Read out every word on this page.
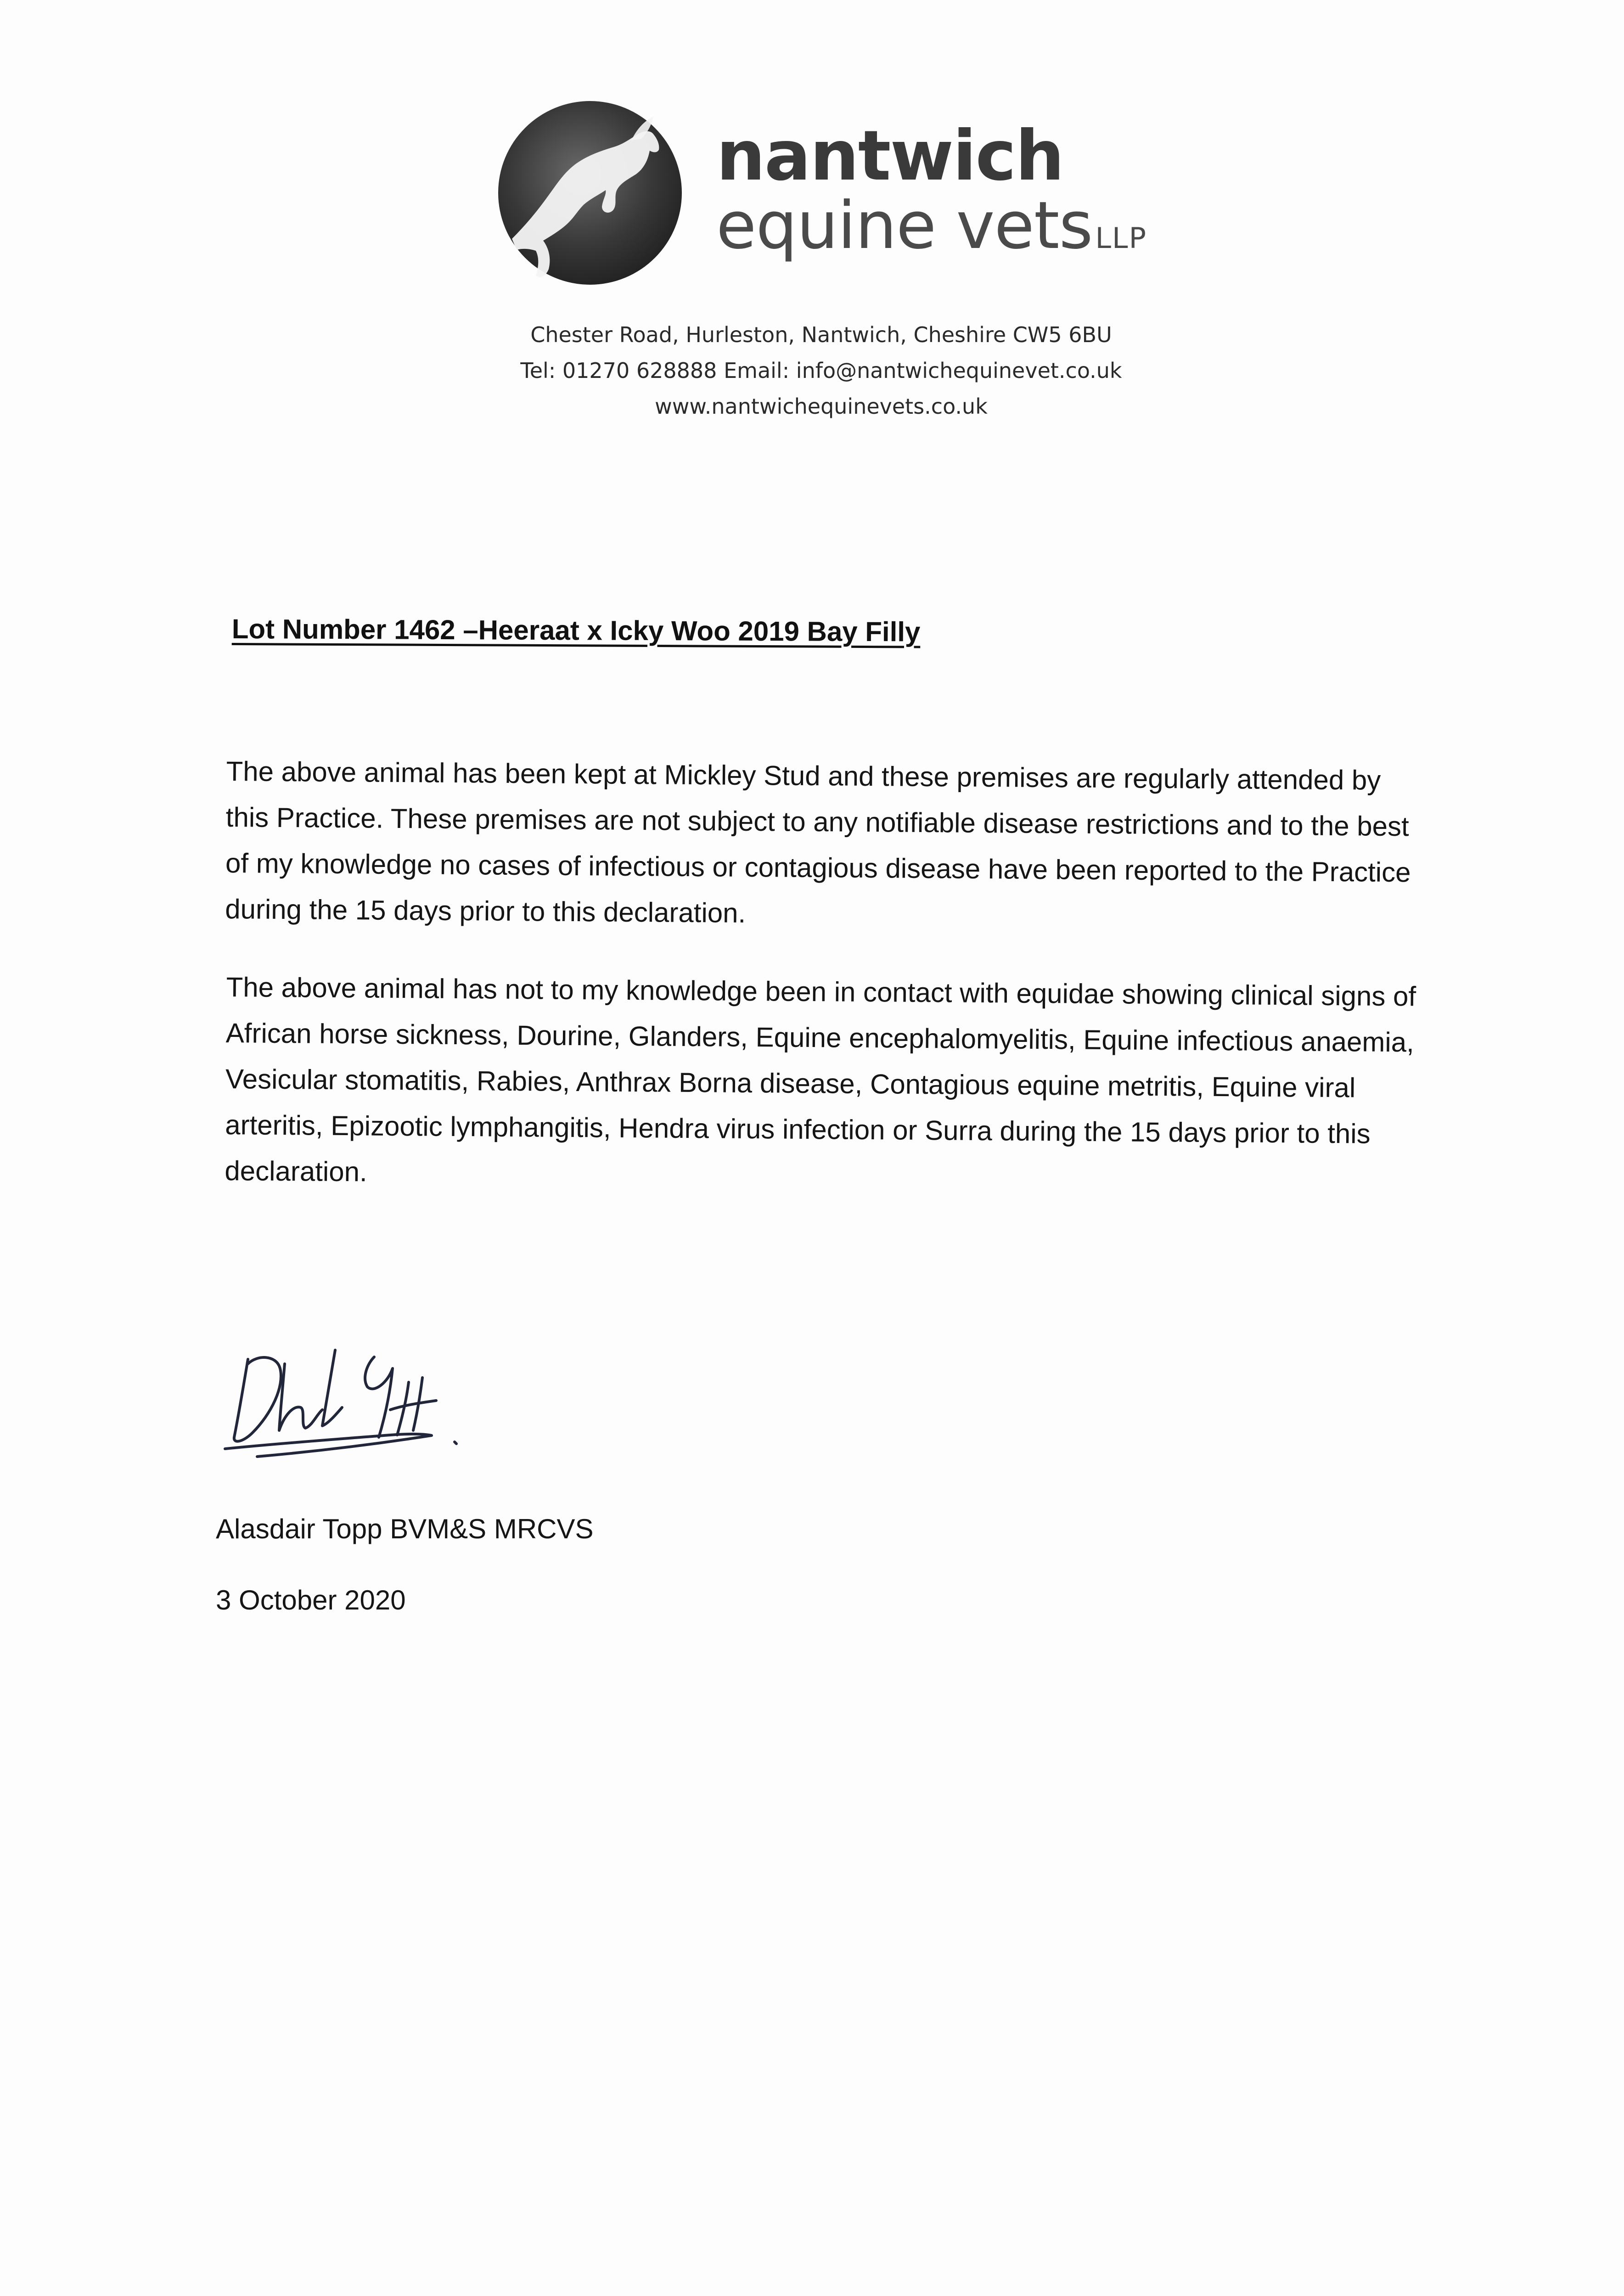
nantwich
equine vetsLLP
Chester Road, Hurleston, Nantwich, Cheshire CW5 6BU
Tel: 01270 628888 Email: info@nantwichequinevet.co.uk
www.nantwichequinevets.co.uk
Lot Number 1462 –Heeraat x Icky Woo 2019 Bay Filly
The above animal has been kept at Mickley Stud and these premises are regularly attended by this Practice. These premises are not subject to any notifiable disease restrictions and to the best of my knowledge no cases of infectious or contagious disease have been reported to the Practice during the 15 days prior to this declaration.
The above animal has not to my knowledge been in contact with equidae showing clinical signs of African horse sickness, Dourine, Glanders, Equine encephalomyelitis, Equine infectious anaemia, Vesicular stomatitis, Rabies, Anthrax Borna disease, Contagious equine metritis, Equine viral arteritis, Epizootic lymphangitis, Hendra virus infection or Surra during the 15 days prior to this declaration.
Alasdair Topp BVM&S MRCVS
3 October 2020
